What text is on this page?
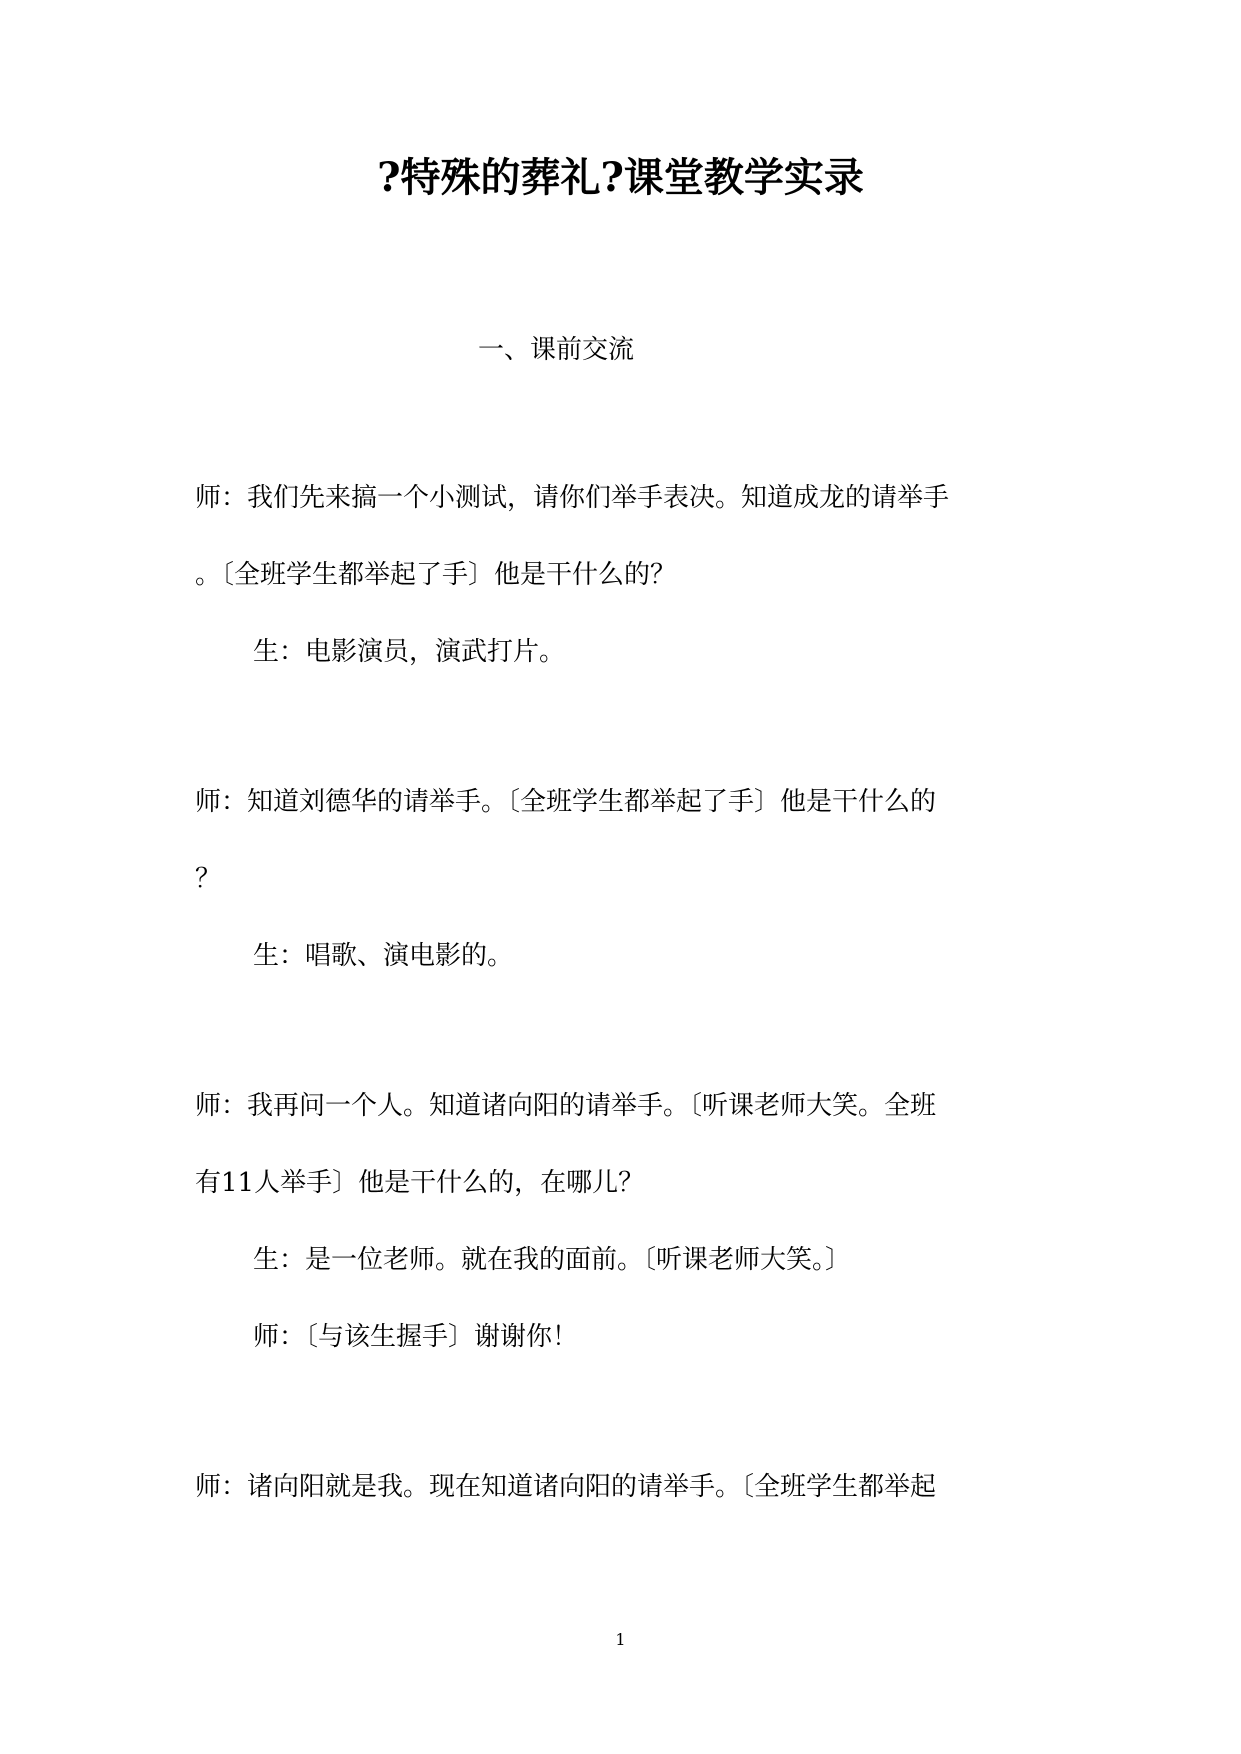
?特殊的葬礼?课堂教学实录
一、课前交流
师：我们先来搞一个小测试，请你们举手表决。知道成龙的请举手
。〔全班学生都举起了手〕他是干什么的？
生：电影演员，演武打片。
师：知道刘德华的请举手。〔全班学生都举起了手〕他是干什么的
？
生：唱歌、演电影的。
师：我再问一个人。知道诸向阳的请举手。〔听课老师大笑。全班
有11人举手〕他是干什么的，在哪儿？
生：是一位老师。就在我的面前。〔听课老师大笑。〕
师：〔与该生握手〕谢谢你！
师：诸向阳就是我。现在知道诸向阳的请举手。〔全班学生都举起
1
